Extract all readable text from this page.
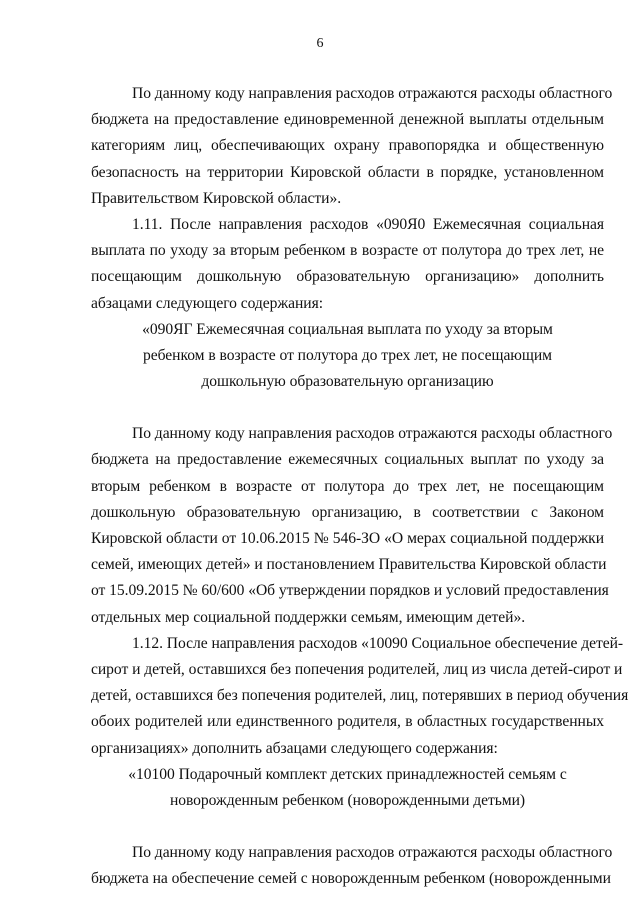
6
По данному коду направления расходов отражаются расходы областного
бюджета на предоставление единовременной денежной выплаты отдельным
категориям лиц, обеспечивающих охрану правопорядка и общественную
безопасность на территории Кировской области в порядке, установленном
Правительством Кировской области».
1.11. После направления расходов «090Я0 Ежемесячная социальная
выплата по уходу за вторым ребенком в возрасте от полутора до трех лет, не
посещающим дошкольную образовательную организацию» дополнить
абзацами следующего содержания:
«090ЯГ Ежемесячная социальная выплата по уходу за вторым
ребенком в возрасте от полутора до трех лет, не посещающим
дошкольную образовательную организацию
По данному коду направления расходов отражаются расходы областного
бюджета на предоставление ежемесячных социальных выплат по уходу за
вторым ребенком в возрасте от полутора до трех лет, не посещающим
дошкольную образовательную организацию, в соответствии с Законом
Кировской области от 10.06.2015 № 546-ЗО «О мерах социальной поддержки
семей, имеющих детей» и постановлением Правительства Кировской области
от 15.09.2015 № 60/600 «Об утверждении порядков и условий предоставления
отдельных мер социальной поддержки семьям, имеющим детей».
1.12. После направления расходов «10090 Социальное обеспечение детей-
сирот и детей, оставшихся без попечения родителей, лиц из числа детей-сирот и
детей, оставшихся без попечения родителей, лиц, потерявших в период обучения
обоих родителей или единственного родителя, в областных государственных
организациях» дополнить абзацами следующего содержания:
«10100 Подарочный комплект детских принадлежностей семьям с
новорожденным ребенком (новорожденными детьми)
По данному коду направления расходов отражаются расходы областного
бюджета на обеспечение семей с новорожденным ребенком (новорожденными
